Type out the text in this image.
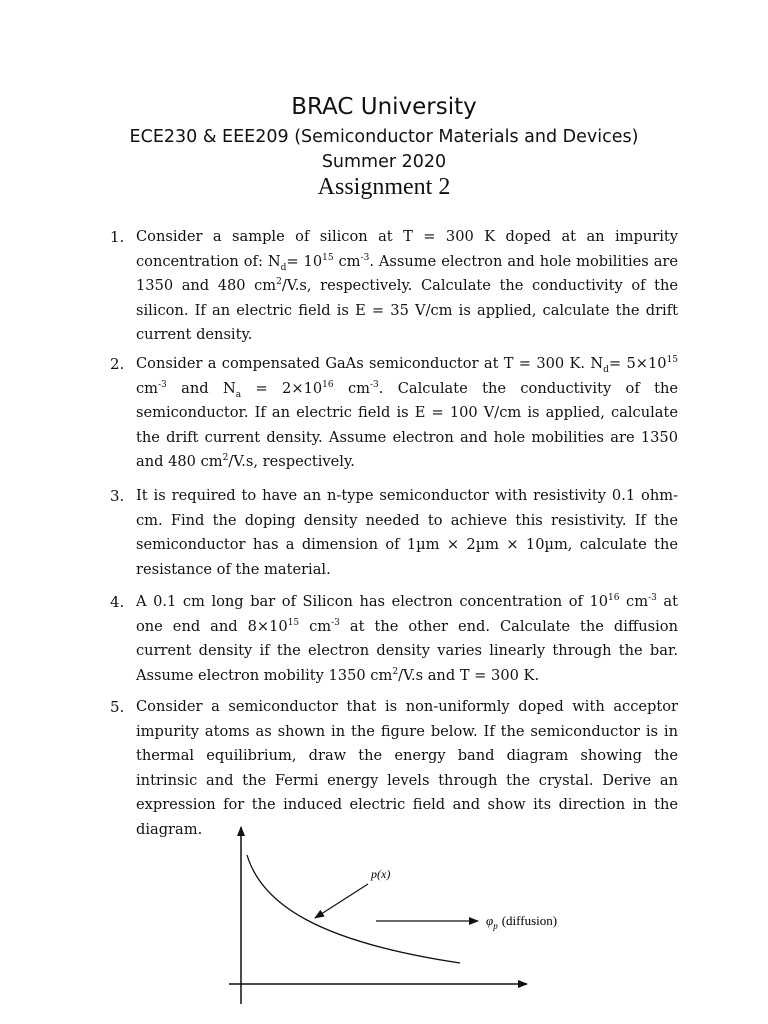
BRAC University
ECE230 & EEE209 (Semiconductor Materials and Devices)
Summer 2020
Assignment 2
1. Consider a sample of silicon at T = 300 K doped at an impurity concentration of: $N_d= 10^{15}$ $cm^{-3}$. Assume electron and hole mobilities are 1350 and 480 $cm^2/V.s$, respectively. Calculate the conductivity of the silicon. If an electric field is E = 35 V/cm is applied, calculate the drift current density.
2. Consider a compensated GaAs semiconductor at T = 300 K. $N_d= 5\times 10^{15}$ $cm^{-3}$ and $N_a = 2\times 10^{16}$ $cm^{-3}$. Calculate the conductivity of the semiconductor. If an electric field is E = 100 V/cm is applied, calculate the drift current density. Assume electron and hole mobilities are 1350 and 480 $cm^2/V.s$, respectively.
3. It is required to have an n-type semiconductor with resistivity 0.1 ohm-cm. Find the doping density needed to achieve this resistivity. If the semiconductor has a dimension of 1µm × 2µm × 10µm, calculate the resistance of the material.
4. A 0.1 cm long bar of Silicon has electron concentration of $10^{16}$ $cm^{-3}$ at one end and $8\times 10^{15}$ $cm^{-3}$ at the other end. Calculate the diffusion current density if the electron density varies linearly through the bar. Assume electron mobility 1350 $cm^2/V.s$ and T = 300 K.
5. Consider a semiconductor that is non-uniformly doped with acceptor impurity atoms as shown in the figure below. If the semiconductor is in thermal equilibrium, draw the energy band diagram showing the intrinsic and the Fermi energy levels through the crystal. Derive an expression for the induced electric field and show its direction in the diagram.
p(x)
$\varphi_p$ (diffusion)
